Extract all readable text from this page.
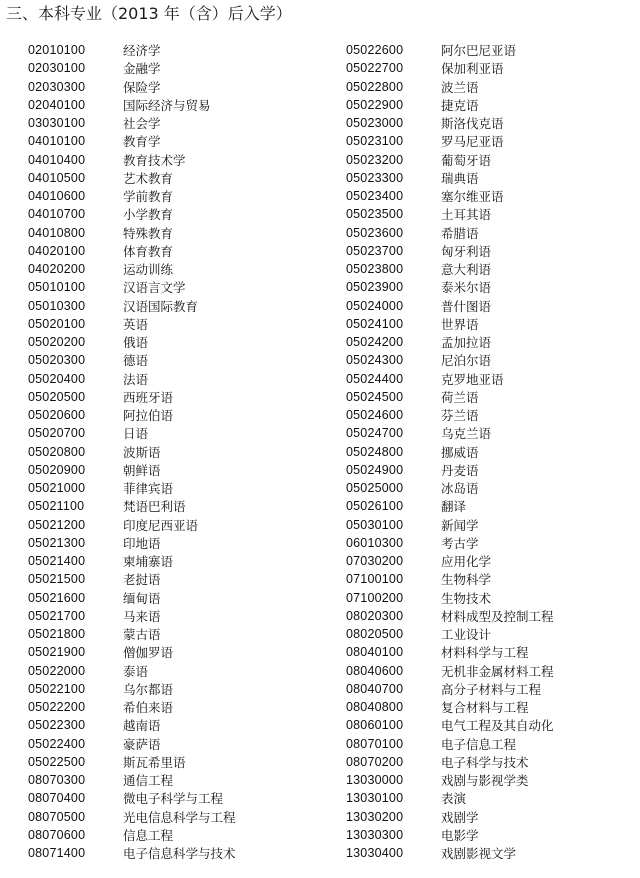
三、本科专业（2013 年（含）后入学）
02010100	经济学
02030100	金融学
02030300	保险学
02040100	国际经济与贸易
03030100	社会学
04010100	教育学
04010400	教育技术学
04010500	艺术教育
04010600	学前教育
04010700	小学教育
04010800	特殊教育
04020100	体育教育
04020200	运动训练
05010100	汉语言文学
05010300	汉语国际教育
05020100	英语
05020200	俄语
05020300	德语
05020400	法语
05020500	西班牙语
05020600	阿拉伯语
05020700	日语
05020800	波斯语
05020900	朝鲜语
05021000	菲律宾语
05021100	梵语巴利语
05021200	印度尼西亚语
05021300	印地语
05021400	柬埔寨语
05021500	老挝语
05021600	缅甸语
05021700	马来语
05021800	蒙古语
05021900	僧伽罗语
05022000	泰语
05022100	乌尔都语
05022200	希伯来语
05022300	越南语
05022400	豪萨语
05022500	斯瓦希里语
08070300	通信工程
08070400	微电子科学与工程
08070500	光电信息科学与工程
08070600	信息工程
08071400	电子信息科学与技术
05022600	阿尔巴尼亚语
05022700	保加利亚语
05022800	波兰语
05022900	捷克语
05023000	斯洛伐克语
05023100	罗马尼亚语
05023200	葡萄牙语
05023300	瑞典语
05023400	塞尔维亚语
05023500	土耳其语
05023600	希腊语
05023700	匈牙利语
05023800	意大利语
05023900	泰米尔语
05024000	普什图语
05024100	世界语
05024200	孟加拉语
05024300	尼泊尔语
05024400	克罗地亚语
05024500	荷兰语
05024600	芬兰语
05024700	乌克兰语
05024800	挪威语
05024900	丹麦语
05025000	冰岛语
05026100	翻译
05030100	新闻学
06010300	考古学
07030200	应用化学
07100100	生物科学
07100200	生物技术
08020300	材料成型及控制工程
08020500	工业设计
08040100	材料科学与工程
08040600	无机非金属材料工程
08040700	高分子材料与工程
08040800	复合材料与工程
08060100	电气工程及其自动化
08070100	电子信息工程
08070200	电子科学与技术
13030000	戏剧与影视学类
13030100	表演
13030200	戏剧学
13030300	电影学
13030400	戏剧影视文学
